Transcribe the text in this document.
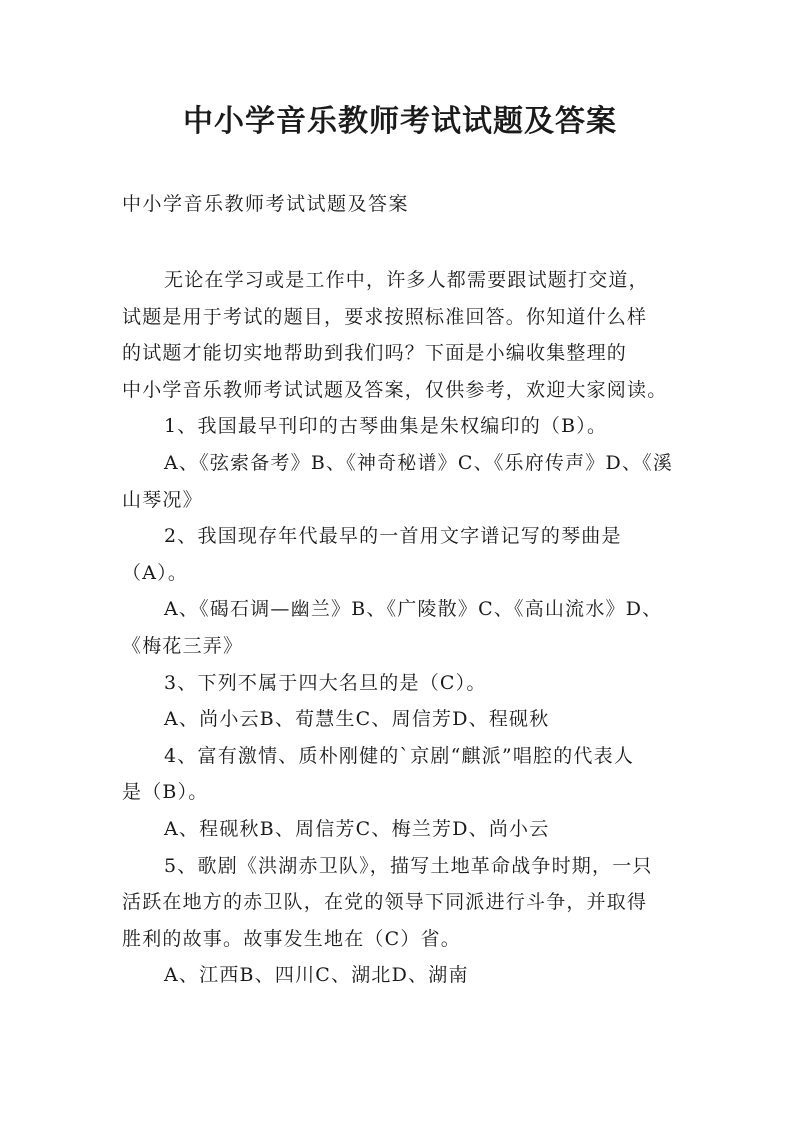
中小学音乐教师考试试题及答案

中小学音乐教师考试试题及答案

无论在学习或是工作中，许多人都需要跟试题打交道，
试题是用于考试的题目，要求按照标准回答。你知道什么样
的试题才能切实地帮助到我们吗？下面是小编收集整理的
中小学音乐教师考试试题及答案，仅供参考，欢迎大家阅读。
1、我国最早刊印的古琴曲集是朱权编印的（B）。
A、《弦索备考》B、《神奇秘谱》C、《乐府传声》D、《溪
山琴况》
2、我国现存年代最早的一首用文字谱记写的琴曲是
（A）。
A、《碣石调—幽兰》B、《广陵散》C、《高山流水》D、
《梅花三弄》
3、下列不属于四大名旦的是（C）。
A、尚小云B、荀慧生C、周信芳D、程砚秋
4、富有激情、质朴刚健的`京剧“麒派”唱腔的代表人
是（B）。
A、程砚秋B、周信芳C、梅兰芳D、尚小云
5、歌剧《洪湖赤卫队》，描写土地革命战争时期，一只
活跃在地方的赤卫队，在党的领导下同派进行斗争，并取得
胜利的故事。故事发生地在（C）省。
A、江西B、四川C、湖北D、湖南
